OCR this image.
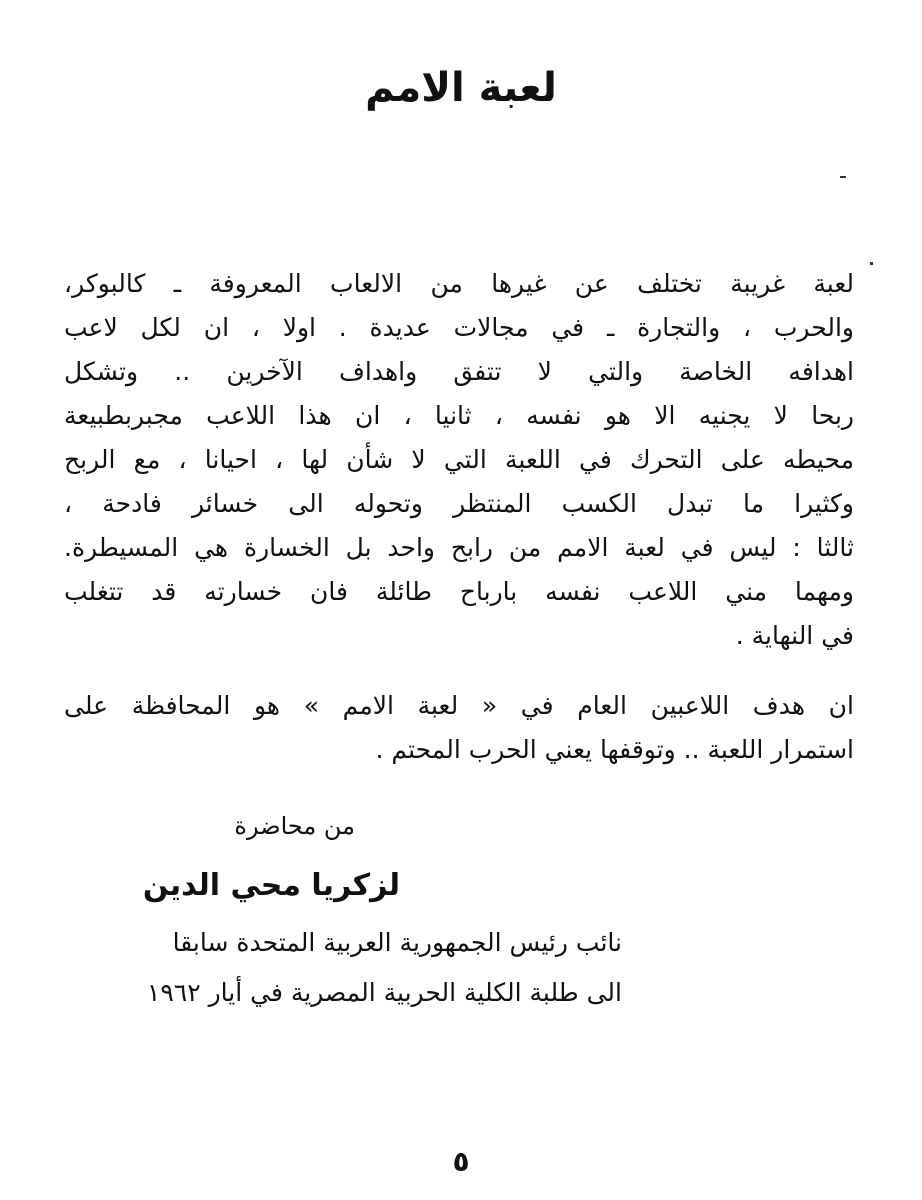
لعبة الامم
لعبة غريبة تختلف عن غيرها من الالعاب المعروفة ـ كالبوكر،
والحرب ، والتجارة ـ في مجالات عديدة . اولا ، ان لكل لاعب
اهدافه الخاصة والتي لا تتفق واهداف الآخرين .. وتشكل
ربحا لا يجنيه الا هو نفسه ، ثانيا ، ان هذا اللاعب مجبربطبيعة
محيطه على التحرك في اللعبة التي لا شأن لها ، احيانا ، مع الربح
وكثيرا ما تبدل الكسب المنتظر وتحوله الى خسائر فادحة ،
ثالثا : ليس في لعبة الامم من رابح واحد بل الخسارة هي المسيطرة.
ومهما مني اللاعب نفسه بارباح طائلة فان خسارته قد تتغلب
في النهاية .
ان هدف اللاعبين العام في « لعبة الامم » هو المحافظة على
استمرار اللعبة .. وتوقفها يعني الحرب المحتم .
من محاضرة
لزكريا محي الدين
نائب رئيس الجمهورية العربية المتحدة سابقا
الى طلبة الكلية الحربية المصرية في أيار ١٩٦٢
٥
